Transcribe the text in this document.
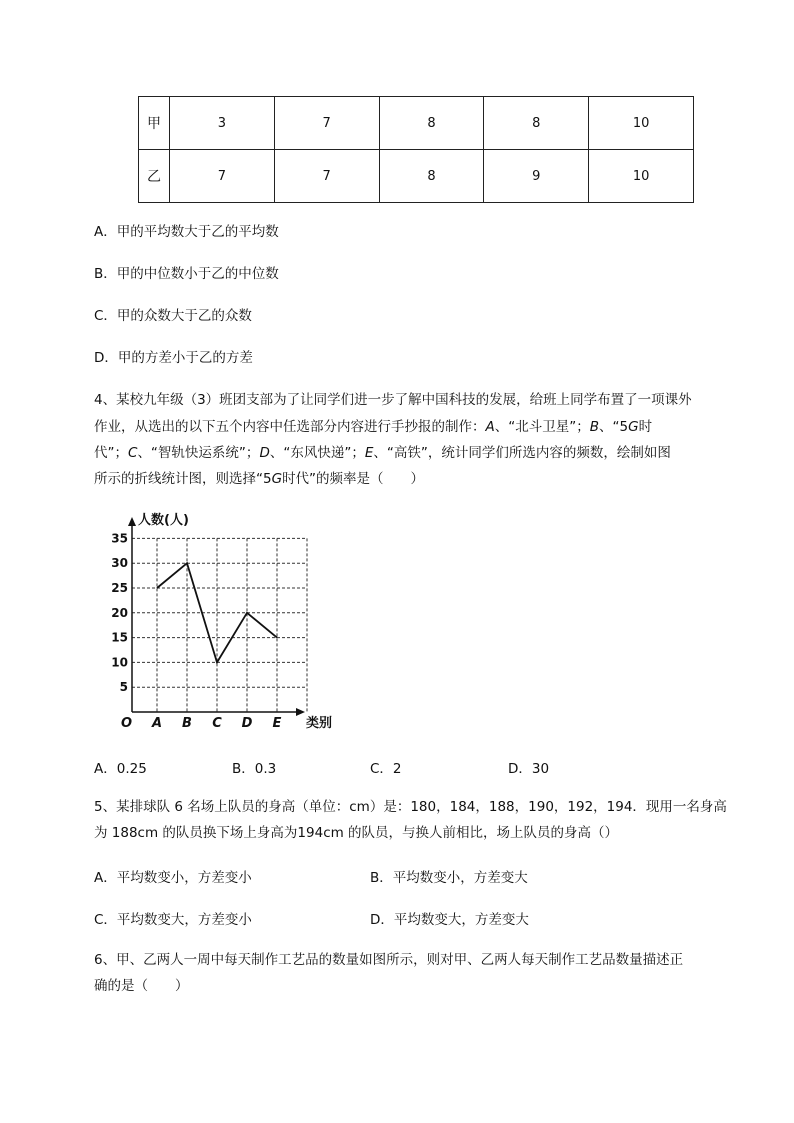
甲	3	7	8	8	10
乙	7	7	8	9	10
A．甲的平均数大于乙的平均数
B．甲的中位数小于乙的中位数
C．甲的众数大于乙的众数
D．甲的方差小于乙的方差
4、某校九年级（3）班团支部为了让同学们进一步了解中国科技的发展，给班上同学布置了一项课外
作业，从选出的以下五个内容中任选部分内容进行手抄报的制作：A、“北斗卫星”；B、“5G时
代”；C、“智轨快运系统”；D、“东风快递”；E、“高铁”，统计同学们所选内容的频数，绘制如图
所示的折线统计图，则选择“5G时代”的频率是（　　）
5
10
15
20
25
30
35
A B C D E
人数(人)
类别
O
A．0.25	B．0.3	C．2	D．30
5、某排球队 6 名场上队员的身高（单位：cm）是：180，184，188，190，192，194．现用一名身高
为 188cm 的队员换下场上身高为194cm 的队员，与换人前相比，场上队员的身高（）
A．平均数变小，方差变小	B．平均数变小，方差变大
C．平均数变大，方差变小	D．平均数变大，方差变大
6、甲、乙两人一周中每天制作工艺品的数量如图所示，则对甲、乙两人每天制作工艺品数量描述正
确的是（　　）
